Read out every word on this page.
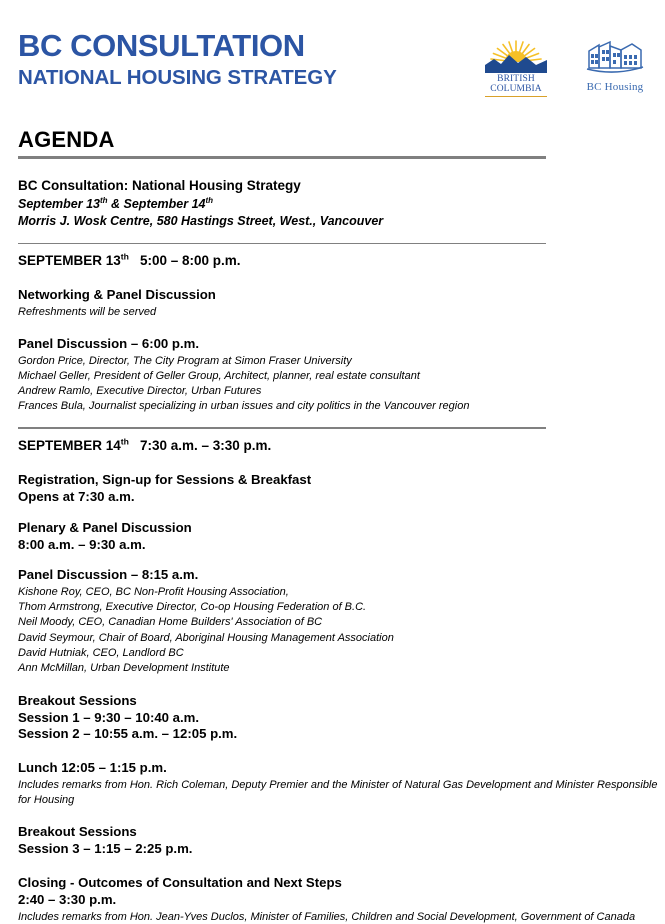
BC CONSULTATION
NATIONAL HOUSING STRATEGY	BRITISH
COLUMBIA	BC Housing
AGENDA
BC Consultation: National Housing Strategy
September 13th & September 14th
Morris J. Wosk Centre, 580 Hastings Street, West., Vancouver
SEPTEMBER 13th 5:00 – 8:00 p.m.
Networking & Panel Discussion
Refreshments will be served
Panel Discussion – 6:00 p.m.
Gordon Price, Director, The City Program at Simon Fraser University
Michael Geller, President of Geller Group, Architect, planner, real estate consultant
Andrew Ramlo, Executive Director, Urban Futures
Frances Bula, Journalist specializing in urban issues and city politics in the Vancouver region
SEPTEMBER 14th 7:30 a.m. – 3:30 p.m.
Registration, Sign-up for Sessions & Breakfast
Opens at 7:30 a.m.
Plenary & Panel Discussion
8:00 a.m. – 9:30 a.m.
Panel Discussion – 8:15 a.m.
Kishone Roy, CEO, BC Non-Profit Housing Association,
Thom Armstrong, Executive Director, Co-op Housing Federation of B.C.
Neil Moody, CEO, Canadian Home Builders' Association of BC
David Seymour, Chair of Board, Aboriginal Housing Management Association
David Hutniak, CEO, Landlord BC
Ann McMillan, Urban Development Institute
Breakout Sessions
Session 1 – 9:30 – 10:40 a.m.
Session 2 – 10:55 a.m. – 12:05 p.m.
Lunch 12:05 – 1:15 p.m.
Includes remarks from Hon. Rich Coleman, Deputy Premier and the Minister of Natural Gas Development and Minister Responsible for Housing
Breakout Sessions
Session 3 – 1:15 – 2:25 p.m.
Closing - Outcomes of Consultation and Next Steps
2:40 – 3:30 p.m.
Includes remarks from Hon. Jean-Yves Duclos, Minister of Families, Children and Social Development, Government of Canada
